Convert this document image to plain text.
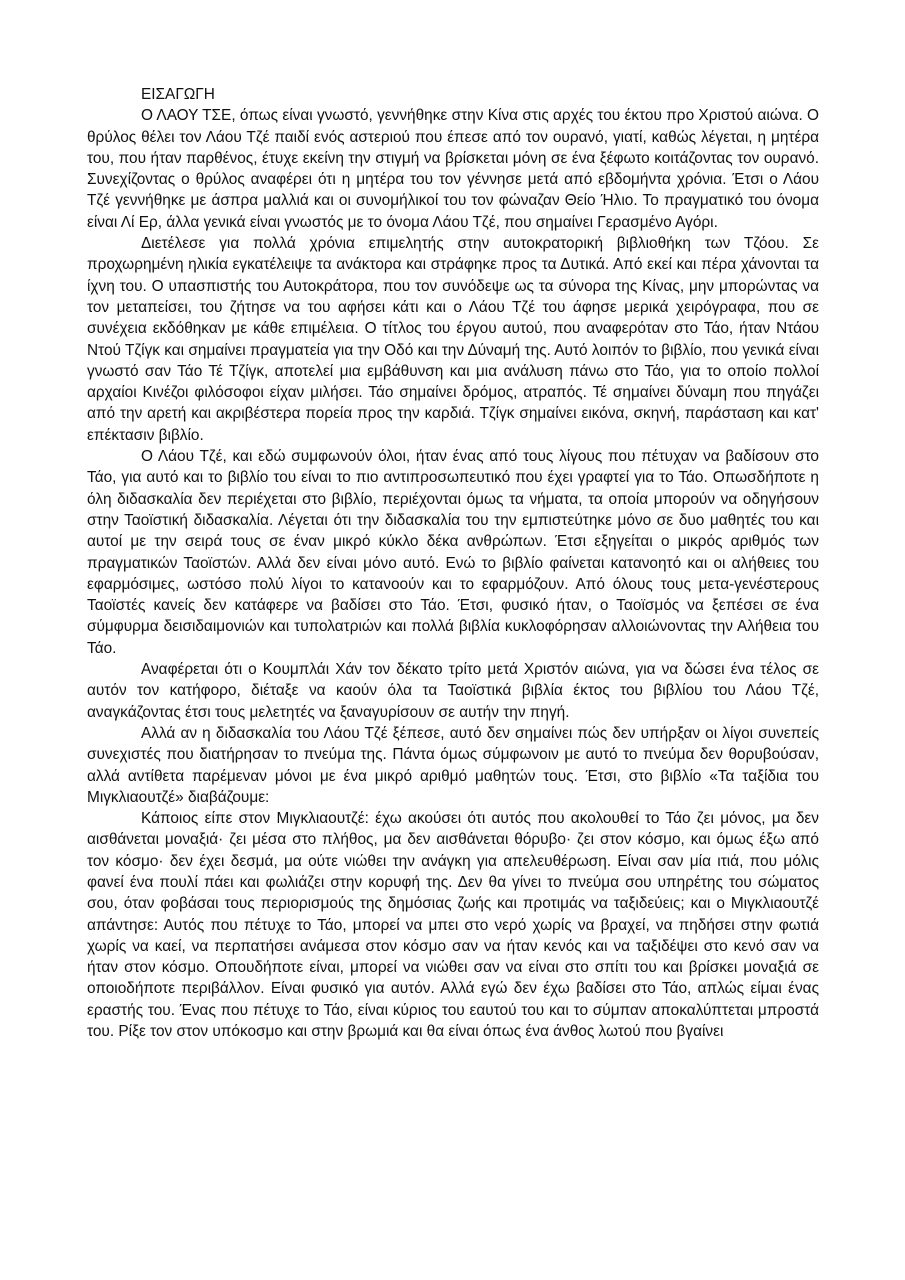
ΕΙΣΑΓΩΓΗ

Ο ΛΑΟΥ ΤΣΕ, όπως είναι γνωστό, γεννήθηκε στην Κίνα στις αρχές του έκτου προ Χριστού αιώνα. Ο θρύλος θέλει τον Λάου Τζέ παιδί ενός αστεριού που έπεσε από τον ουρανό, γιατί, καθώς λέγεται, η μητέρα του, που ήταν παρθένος, έτυχε εκείνη την στιγμή να βρίσκεται μόνη σε ένα ξέφωτο κοιτάζοντας τον ουρανό. Συνεχίζοντας ο θρύλος αναφέρει ότι η μητέρα του τον γέννησε μετά από εβδομήντα χρόνια. Έτσι ο Λάου Τζέ γεννήθηκε με άσπρα μαλλιά και οι συνομήλικοί του τον φώναζαν Θείο Ήλιο. Το πραγματικό του όνομα είναι Λί Ερ, άλλα γενικά είναι γνωστός με το όνομα Λάου Τζέ, που σημαίνει Γερασμένο Αγόρι.

Διετέλεσε για πολλά χρόνια επιμελητής στην αυτοκρατορική βιβλιοθήκη των Τζόου. Σε προχωρημένη ηλικία εγκατέλειψε τα ανάκτορα και στράφηκε προς τα Δυτικά. Από εκεί και πέρα χάνονται τα ίχνη του. Ο υπασπιστής του Αυτοκράτορα, που τον συνόδεψε ως τα σύνορα της Κίνας, μην μπορώντας να τον μεταπείσει, του ζήτησε να του αφήσει κάτι και ο Λάου Τζέ του άφησε μερικά χειρόγραφα, που σε συνέχεια εκδόθηκαν με κάθε επιμέλεια. Ο τίτλος του έργου αυτού, που αναφερόταν στο Τάο, ήταν Ντάου Ντού Τζίγκ και σημαίνει πραγματεία για την Οδό και την Δύναμή της. Αυτό λοιπόν το βιβλίο, που γενικά είναι γνωστό σαν Τάο Τέ Τζίγκ, αποτελεί μια εμβάθυνση και μια ανάλυση πάνω στο Τάο, για το οποίο πολλοί αρχαίοι Κινέζοι φιλόσοφοι είχαν μιλήσει. Τάο σημαίνει δρόμος, ατραπός. Τέ σημαίνει δύναμη που πηγάζει από την αρετή και ακριβέστερα πορεία προς την καρδιά. Τζίγκ σημαίνει εικόνα, σκηνή, παράσταση και κατ' επέκτασιν βιβλίο.

Ο Λάου Τζέ, και εδώ συμφωνούν όλοι, ήταν ένας από τους λίγους που πέτυχαν να βαδίσουν στο Τάο, για αυτό και το βιβλίο του είναι το πιο αντιπροσωπευτικό που έχει γραφτεί για το Τάο. Οπωσδήποτε η όλη διδασκαλία δεν περιέχεται στο βιβλίο, περιέχονται όμως τα νήματα, τα οποία μπορούν να οδηγήσουν στην Ταοϊστική διδασκαλία. Λέγεται ότι την διδασκαλία του την εμπιστεύτηκε μόνο σε δυο μαθητές του και αυτοί με την σειρά τους σε έναν μικρό κύκλο δέκα ανθρώπων. Έτσι εξηγείται ο μικρός αριθμός των πραγματικών Ταοϊστών. Αλλά δεν είναι μόνο αυτό. Ενώ το βιβλίο φαίνεται κατανοητό και οι αλήθειες του εφαρμόσιμες, ωστόσο πολύ λίγοι το κατανοούν και το εφαρμόζουν. Από όλους τους μετα-γενέστερους Ταοϊστές κανείς δεν κατάφερε να βαδίσει στο Τάο. Έτσι, φυσικό ήταν, ο Ταοϊσμός να ξεπέσει σε ένα σύμφυρμα δεισιδαιμονιών και τυπολατριών και πολλά βιβλία κυκλοφόρησαν αλλοιώνοντας την Αλήθεια του Τάο.

Αναφέρεται ότι ο Κουμπλάι Χάν τον δέκατο τρίτο μετά Χριστόν αιώνα, για να δώσει ένα τέλος σε αυτόν τον κατήφορο, διέταξε να καούν όλα τα Ταοϊστικά βιβλία έκτος του βιβλίου του Λάου Τζέ, αναγκάζοντας έτσι τους μελετητές να ξαναγυρίσουν σε αυτήν την πηγή.

Αλλά αν η διδασκαλία του Λάου Τζέ ξέπεσε, αυτό δεν σημαίνει πώς δεν υπήρξαν οι λίγοι συνεπείς συνεχιστές που διατήρησαν το πνεύμα της. Πάντα όμως σύμφωνοιν με αυτό το πνεύμα δεν θορυβούσαν, αλλά αντίθετα παρέμεναν μόνοι με ένα μικρό αριθμό μαθητών τους. Έτσι, στο βιβλίο «Τα ταξίδια του Μιγκλιαουτζέ» διαβάζουμε:

Κάποιος είπε στον Μιγκλιαουτζέ: έχω ακούσει ότι αυτός που ακολουθεί το Τάο ζει μόνος, μα δεν αισθάνεται μοναξιά· ζει μέσα στο πλήθος, μα δεν αισθάνεται θόρυβο· ζει στον κόσμο, και όμως έξω από τον κόσμο· δεν έχει δεσμά, μα ούτε νιώθει την ανάγκη για απελευθέρωση. Είναι σαν μία ιτιά, που μόλις φανεί ένα πουλί πάει και φωλιάζει στην κορυφή της. Δεν θα γίνει το πνεύμα σου υπηρέτης του σώματος σου, όταν φοβάσαι τους περιορισμούς της δημόσιας ζωής και προτιμάς να ταξιδεύεις; και ο Μιγκλιαουτζέ απάντησε: Αυτός που πέτυχε το Τάο, μπορεί να μπει στο νερό χωρίς να βραχεί, να πηδήσει στην φωτιά χωρίς να καεί, να περπατήσει ανάμεσα στον κόσμο σαν να ήταν κενός και να ταξιδέψει στο κενό σαν να ήταν στον κόσμο. Οπουδήποτε είναι, μπορεί να νιώθει σαν να είναι στο σπίτι του και βρίσκει μοναξιά σε οποιοδήποτε περιβάλλον. Είναι φυσικό για αυτόν. Αλλά εγώ δεν έχω βαδίσει στο Τάο, απλώς είμαι ένας εραστής του. Ένας που πέτυχε το Τάο, είναι κύριος του εαυτού του και το σύμπαν αποκαλύπτεται μπροστά του. Ρίξε τον στον υπόκοσμο και στην βρωμιά και θα είναι όπως ένα άνθος λωτού που βγαίνει
